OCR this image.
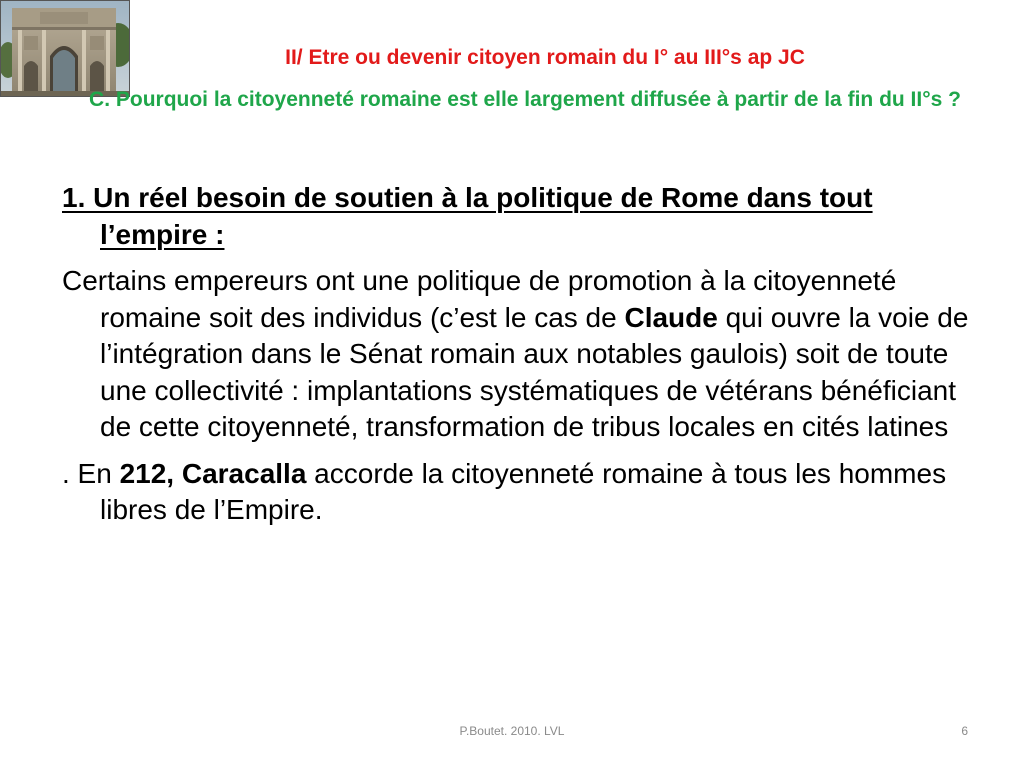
II/ Etre ou devenir citoyen romain du I° au III°s ap JC
C. Pourquoi la citoyenneté romaine est elle largement diffusée à partir de la fin du II°s ?

1. Un réel besoin de soutien à la politique de Rome dans tout l’empire :

Certains empereurs ont une politique de promotion à la citoyenneté romaine soit des individus (c’est le cas de Claude qui ouvre la voie de l’intégration dans le Sénat romain aux notables gaulois) soit de toute une collectivité : implantations systématiques de vétérans bénéficiant de cette citoyenneté, transformation de tribus locales en cités latines

. En 212, Caracalla accorde la citoyenneté romaine à tous les hommes libres de l’Empire.

P.Boutet. 2010. LVL	6
